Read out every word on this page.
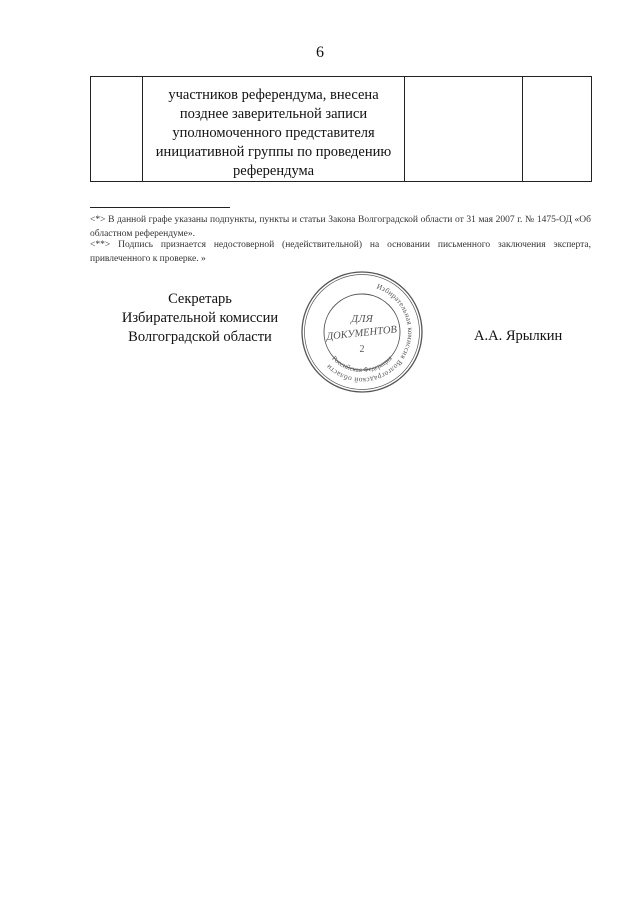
6

участников референдума, внесена позднее заверительной записи уполномоченного представителя инициативной группы по проведению референдума

<*> В данной графе указаны подпункты, пункты и статьи Закона Волгоградской области от 31 мая 2007 г. № 1475-ОД «Об областном референдуме».
<**> Подпись признается недостоверной (недействительной) на основании письменного заключения эксперта, привлеченного к проверке. »
Секретарь
Избирательной комиссии
Волгоградской области	А.А. Ярылкин
Избирательная комиссия Волгоградской области
Российская Федерация
ДЛЯ
ДОКУМЕНТОВ
2
